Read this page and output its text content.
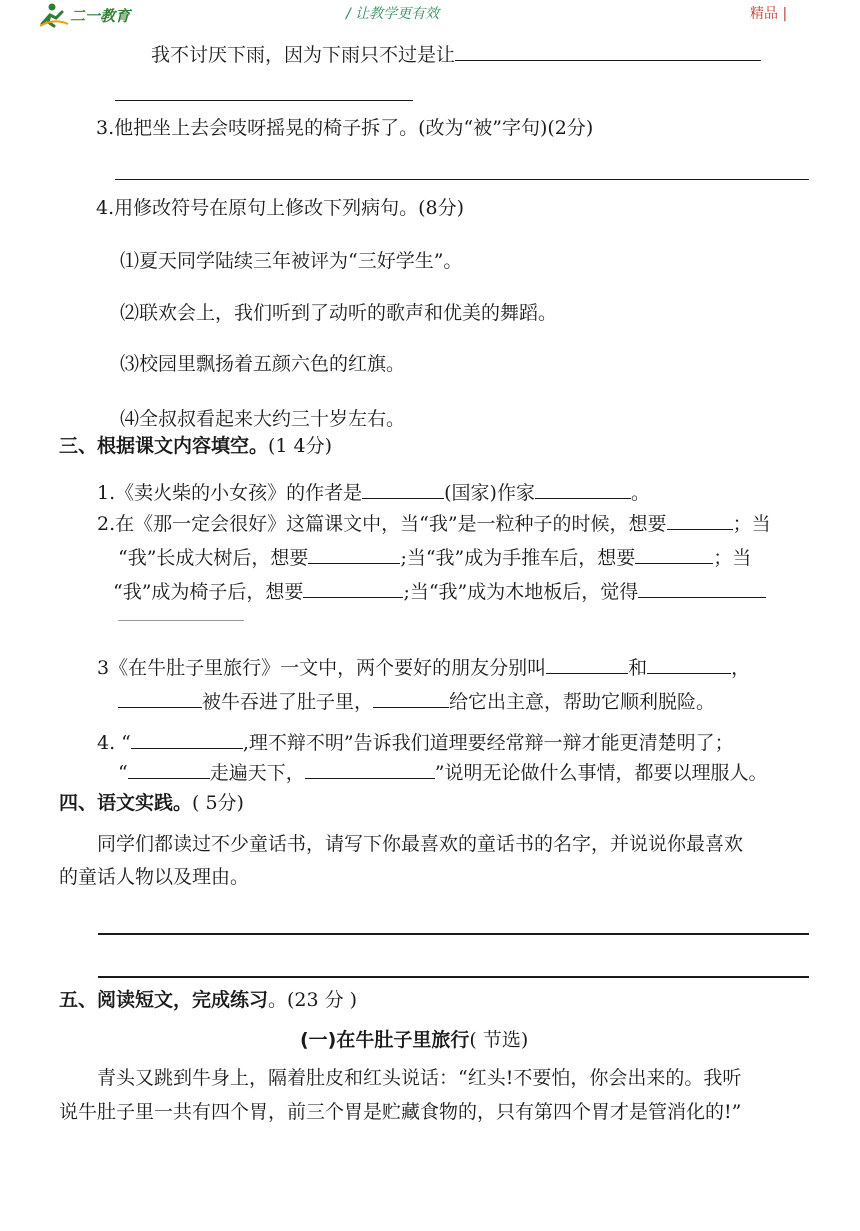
二一教育	/ 让教学更有效	精品 |
我不讨厌下雨，因为下雨只不过是让
3.他把坐上去会吱呀摇晃的椅子拆了。(改为“被”字句)(2分)
4.用修改符号在原句上修改下列病句。(8分)
⑴夏天同学陆续三年被评为“三好学生”。
⑵联欢会上，我们听到了动听的歌声和优美的舞蹈。
⑶校园里飘扬着五颜六色的红旗。
⑷全叔叔看起来大约三十岁左右。
三、根据课文内容填空。(1 4分)
1.《卖火柴的小女孩》的作者是	(国家)作家	。
2.在《那一定会很好》这篇课文中，当“我”是一粒种子的时候，想要	；当
“我”长成大树后，想要	;当“我”成为手推车后，想要	；当
“我”成为椅子后，想要	;当“我”成为木地板后，觉得
3《在牛肚子里旅行》一文中，两个要好的朋友分别叫	和	，
被牛吞进了肚子里，	给它出主意，帮助它顺利脱险。
4. “	,理不辩不明”告诉我们道理要经常辩一辩才能更清楚明了；
“	走遍天下，	”说明无论做什么事情，都要以理服人。
四、语文实践。( 5分)
同学们都读过不少童话书，请写下你最喜欢的童话书的名字，并说说你最喜欢
的童话人物以及理由。
五、阅读短文，完成练习。(23 分 )
(一)在牛肚子里旅行( 节选)
青头又跳到牛身上，隔着肚皮和红头说话：“红头!不要怕，你会出来的。我听
说牛肚子里一共有四个胃，前三个胃是贮藏食物的，只有第四个胃才是管消化的!”
